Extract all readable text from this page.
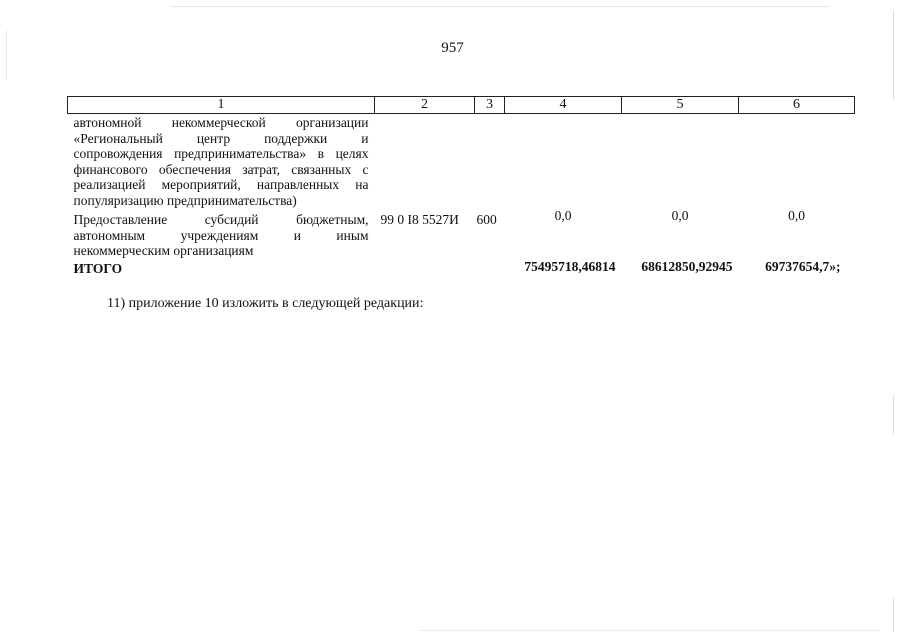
957
1	2	3	4	5	6
автономной некоммерческой организации «Региональный центр поддержки и сопровождения предпринимательства» в целях финансового обеспечения затрат, связанных с реализацией мероприятий, направленных на популяризацию предпринимательства)					
Предоставление субсидий бюджетным, автономным учреждениям и иным некоммерческим организациям	99 0 I8 5527И	600	0,0	0,0	0,0
ИТОГО			75495718,46814	68612850,92945	69737654,7»;
11) приложение 10 изложить в следующей редакции:
